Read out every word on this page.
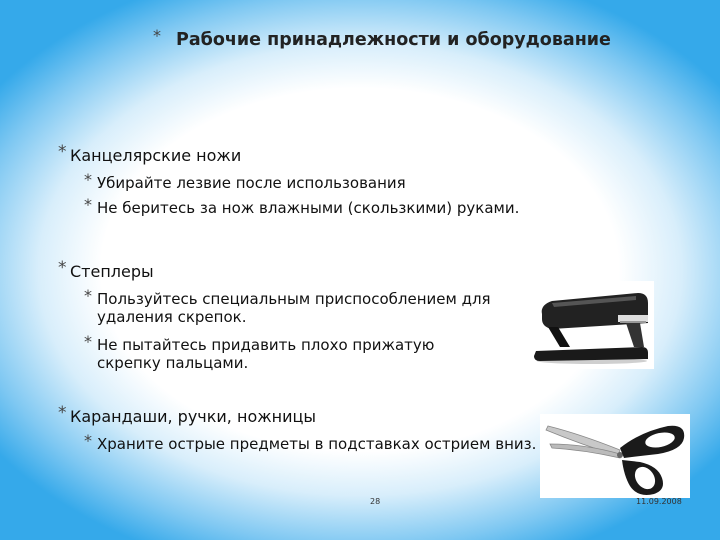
* Рабочие принадлежности и оборудование
* Канцелярские ножи
* Убирайте лезвие после использования
* Не беритесь за нож влажными (скользкими) руками.
* Степлеры
* Пользуйтесь специальным приспособлением для удаления скрепок.
* Не пытайтесь придавить плохо прижатую скрепку пальцами.
* Карандаши, ручки, ножницы
* Храните острые предметы в подставках острием вниз.
28	11.09.2008
